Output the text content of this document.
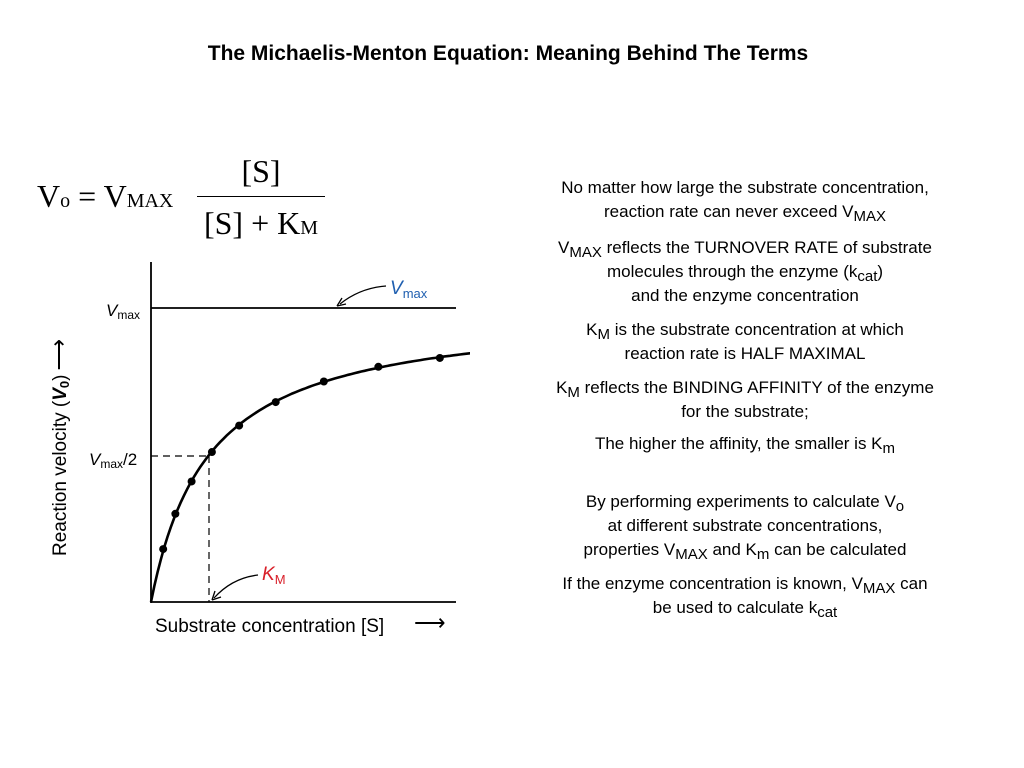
The Michaelis-Menton Equation: Meaning Behind The Terms
Vo = VMAX
[S]
[S] + KM
Vmax
Vmax/2
$V_{max}$
$K_M$
Substrate concentration [S] ⟶
Reaction velocity (V0)⟶

No matter how large the substrate concentration,
reaction rate can never exceed $V_{MAX}$

$V_{MAX}$ reflects the TURNOVER RATE of substrate
molecules through the enzyme $(k_{cat})$
and the enzyme concentration

$K_M$ is the substrate concentration at which
reaction rate is HALF MAXIMAL

$K_M$ reflects the BINDING AFFINITY of the enzyme
for the substrate;

The higher the affinity, the smaller is $K_m$

By performing experiments to calculate $V_o$
at different substrate concentrations,
properties $V_{MAX}$ and $K_m$ can be calculated

If the enzyme concentration is known, $V_{MAX}$ can
be used to calculate $k_{cat}$
